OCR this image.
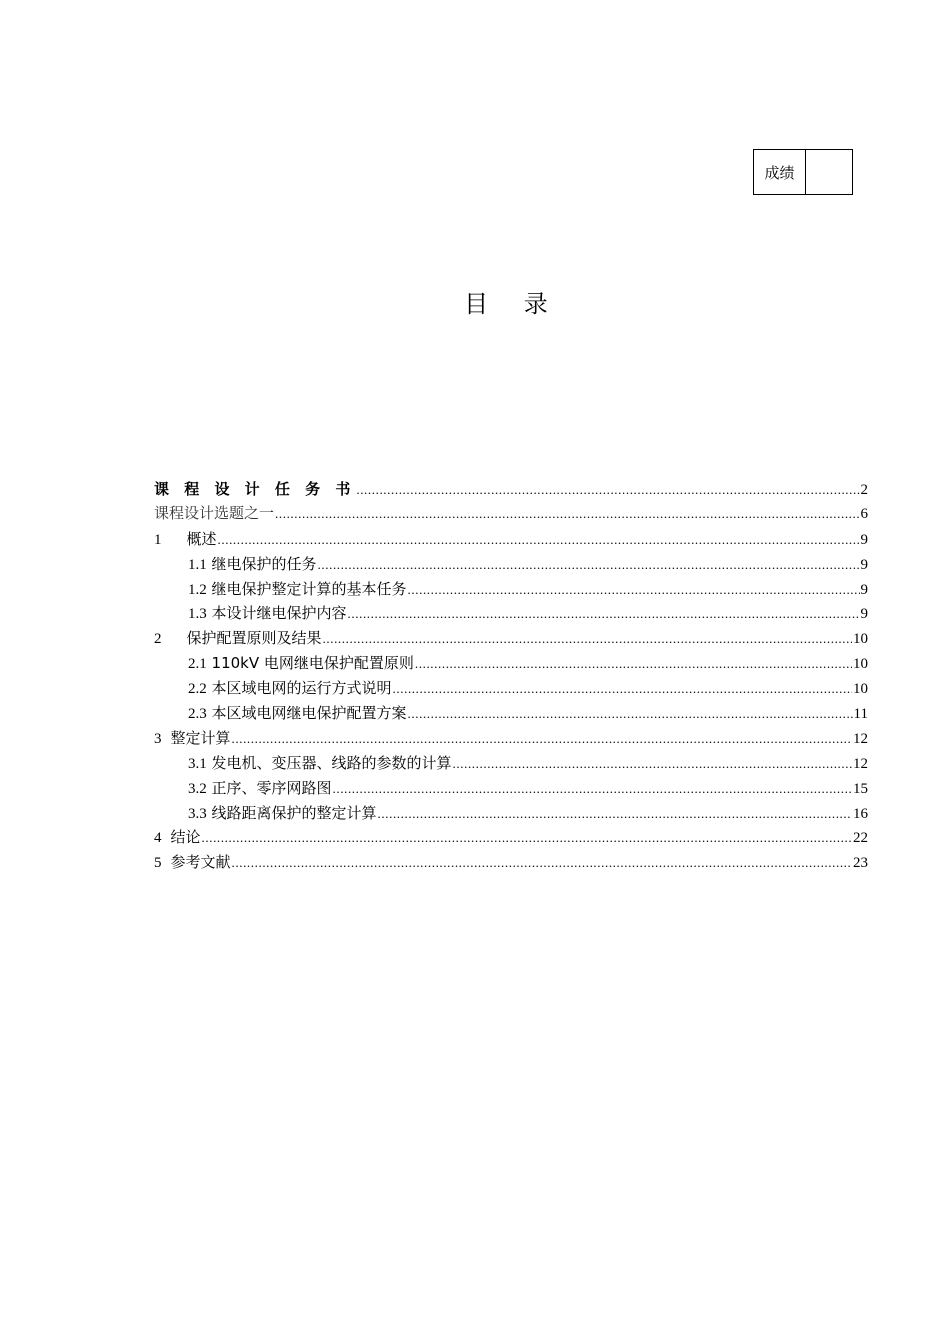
成绩
目 录
课 程 设 计 任 务 书 .....	2
课程设计选题之一 .....	6
1 概述 .....	9
1.1 继电保护的任务 .....	9
1.2 继电保护整定计算的基本任务 .....	9
1.3 本设计继电保护内容 .....	9
2 保护配置原则及结果 .....	10
2.1 110kV 电网继电保护配置原则 .....	10
2.2 本区域电网的运行方式说明 .....	10
2.3 本区域电网继电保护配置方案 .....	11
3 整定计算 .....	12
3.1 发电机、变压器、线路的参数的计算 .....	12
3.2 正序、零序网路图 .....	15
3.3 线路距离保护的整定计算 .....	16
4 结论 .....	22
5 参考文献 .....	23
